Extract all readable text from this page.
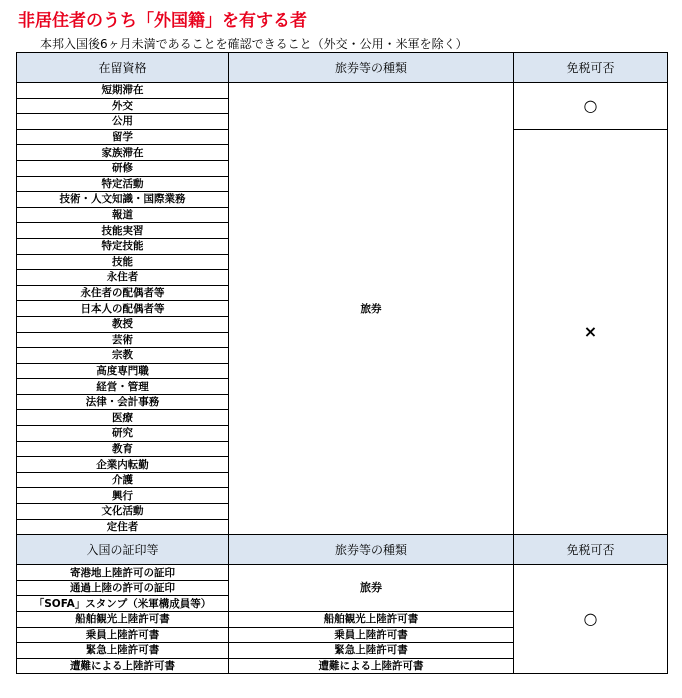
非居住者のうち「外国籍」を有する者
本邦入国後6ヶ月未満であることを確認できること（外交・公用・米軍を除く）
在留資格	旅券等の種類	免税可否
短期滞在	旅券	○
外交		
公用		
留学		×
家族滞在		
研修		
特定活動		
技術・人文知識・国際業務		
報道		
技能実習		
特定技能		
技能		
永住者		
永住者の配偶者等		
日本人の配偶者等		
教授		
芸術		
宗教		
高度専門職		
経営・管理		
法律・会計事務		
医療		
研究		
教育		
企業内転勤		
介護		
興行		
文化活動		
定住者		
入国の証印等	旅券等の種類	免税可否
寄港地上陸許可の証印	旅券	○
通過上陸の許可の証印		
「SOFA」スタンプ（米軍構成員等）		
船舶観光上陸許可書	船舶観光上陸許可書	
乗員上陸許可書	乗員上陸許可書	
緊急上陸許可書	緊急上陸許可書	
遭難による上陸許可書	遭難による上陸許可書	
